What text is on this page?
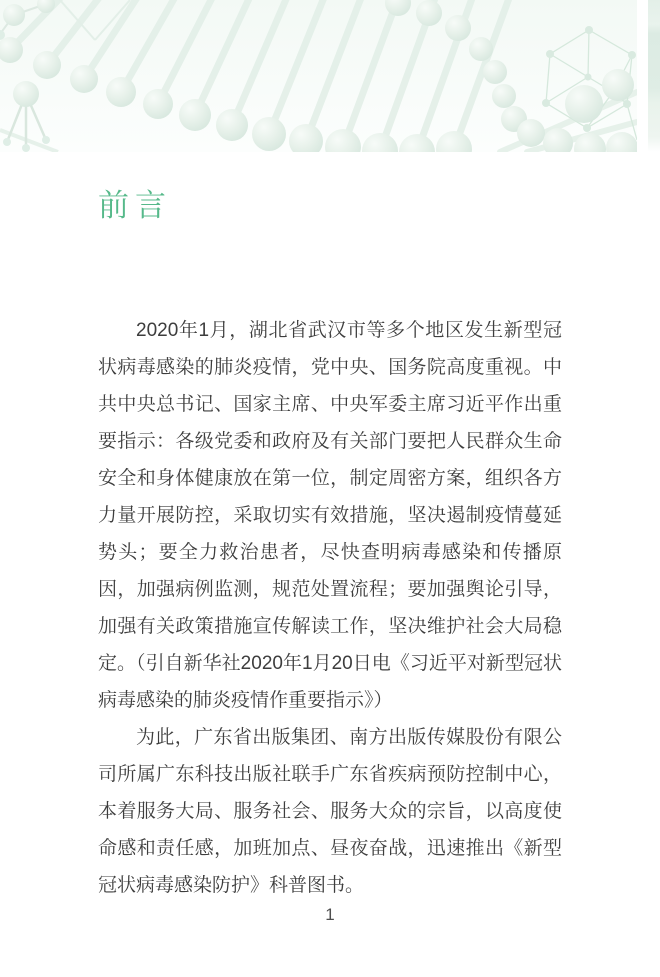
前言

2020年1月，湖北省武汉市等多个地区发生新型冠状病毒感染的肺炎疫情，党中央、国务院高度重视。中共中央总书记、国家主席、中央军委主席习近平作出重要指示：各级党委和政府及有关部门要把人民群众生命安全和身体健康放在第一位，制定周密方案，组织各方力量开展防控，采取切实有效措施，坚决遏制疫情蔓延势头；要全力救治患者，尽快查明病毒感染和传播原因，加强病例监测，规范处置流程；要加强舆论引导，加强有关政策措施宣传解读工作，坚决维护社会大局稳定。（引自新华社2020年1月20日电《习近平对新型冠状病毒感染的肺炎疫情作重要指示》）

为此，广东省出版集团、南方出版传媒股份有限公司所属广东科技出版社联手广东省疾病预防控制中心，本着服务大局、服务社会、服务大众的宗旨，以高度使命感和责任感，加班加点、昼夜奋战，迅速推出《新型冠状病毒感染防护》科普图书。

1
